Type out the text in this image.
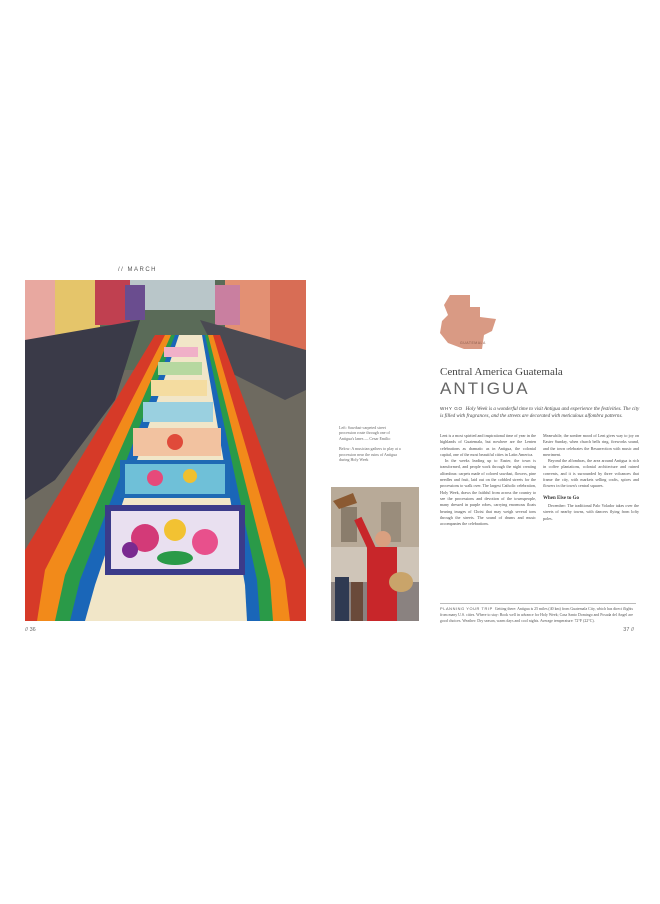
// MARCH
// 36

Left: Sawdust-carpeted street procession route through one of Antigua's lanes — Cesar Emilio

Below: A musician gathers to play at a procession near the ruins of Antigua during Holy Week

GUATEMALA
Central America Guatemala
ANTIGUA
WHY GO Holy Week is a wonderful time to visit Antigua and experience the festivities. The city is filled with fragrances, and the streets are decorated with meticulous alfombra patterns.

Lent is a most spirited and inspirational time of year in the highlands of Guatemala, but nowhere are the Lenten celebrations as dramatic as in Antigua, the colonial capital, one of the most beautiful cities in Latin America.

In the weeks leading up to Easter, the town is transformed, and people work through the night creating alfombras: carpets made of colored sawdust, flowers, pine needles and fruit, laid out on the cobbled streets for the processions to walk over. The largest Catholic celebration, Holy Week, draws the faithful from across the country to see the processions and devotion of the townspeople, many dressed in purple robes, carrying enormous floats bearing images of Christ that may weigh several tons through the streets. The sound of drums and music accompanies the celebrations.

Meanwhile, the somber mood of Lent gives way to joy on Easter Sunday, when church bells ring, fireworks sound, and the town celebrates the Resurrection with music and merriment.

Beyond the alfombras, the area around Antigua is rich in coffee plantations, colonial architecture and ruined convents, and it is surrounded by three volcanoes that frame the city, with markets selling crafts, spices and flowers in the town's central squares.

When Else to Go

December: The traditional Palo Volador takes over the streets of nearby towns, with dancers flying from lofty poles.

PLANNING YOUR TRIP Getting there: Antigua is 25 miles (40 km) from Guatemala City, which has direct flights from many U.S. cities. Where to stay: Book well in advance for Holy Week; Casa Santo Domingo and Posada del Angel are good choices. Weather: Dry season, warm days and cool nights. Average temperature: 72°F (22°C).
37 //
